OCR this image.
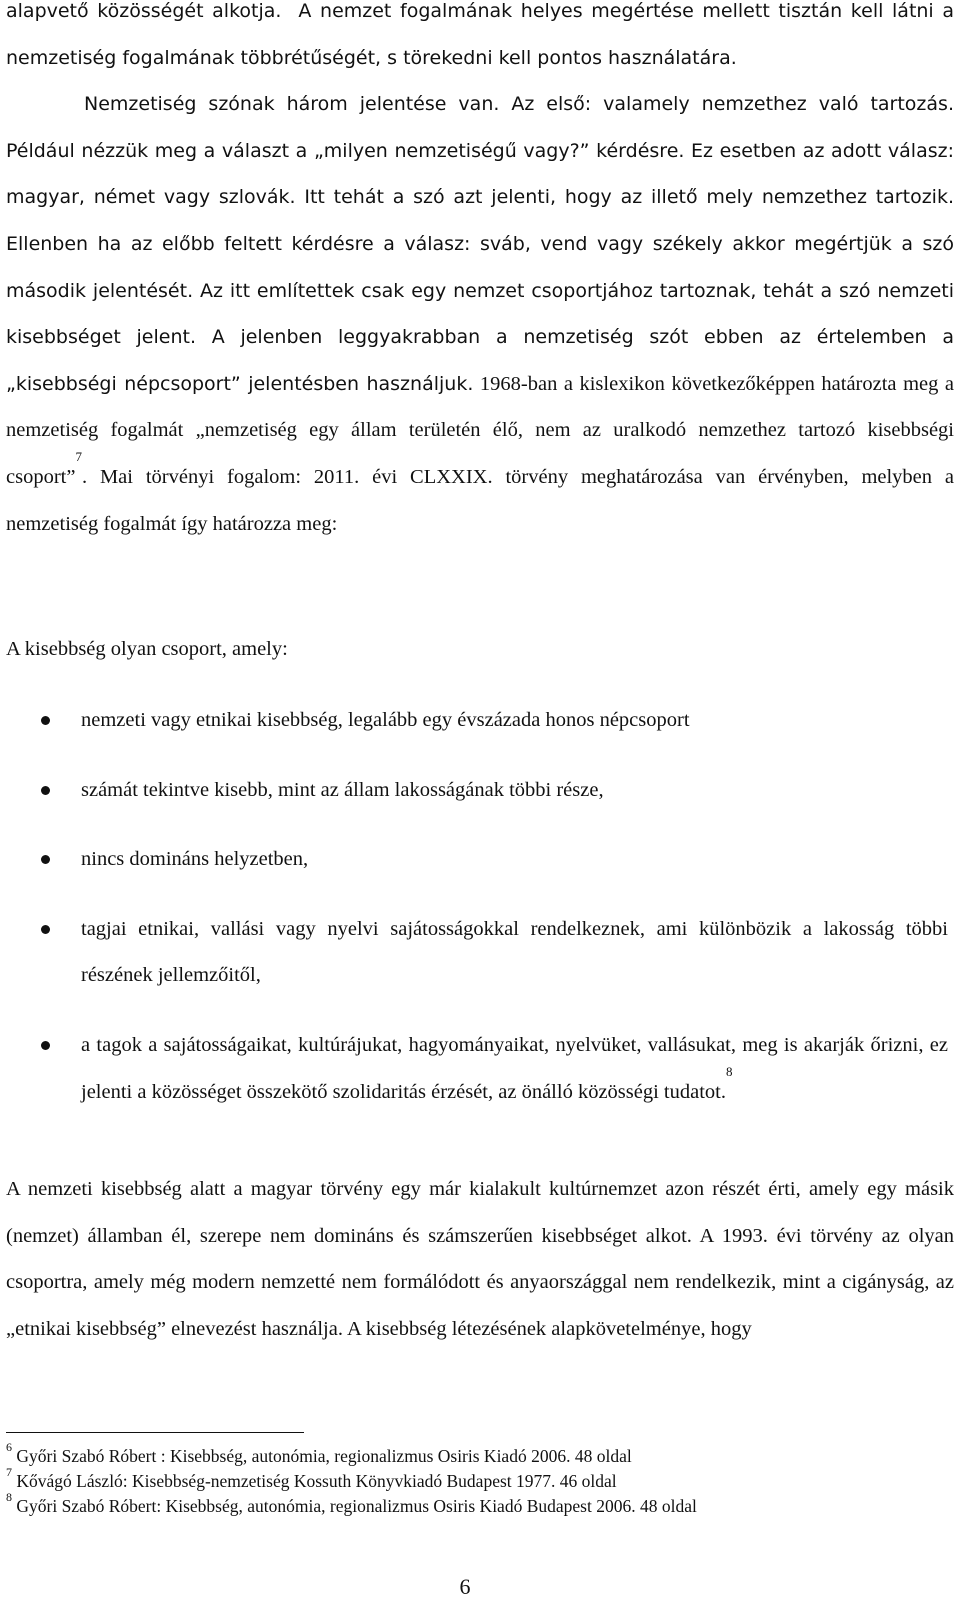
alapvető közösségét alkotja. A nemzet fogalmának helyes megértése mellett tisztán kell látni a nemzetiség fogalmának többrétűségét, s törekedni kell pontos használatára.

Nemzetiség szónak három jelentése van. Az első: valamely nemzethez való tartozás. Például nézzük meg a választ a „milyen nemzetiségű vagy?” kérdésre. Ez esetben az adott válasz: magyar, német vagy szlovák. Itt tehát a szó azt jelenti, hogy az illető mely nemzethez tartozik. Ellenben ha az előbb feltett kérdésre a válasz: sváb, vend vagy székely akkor megértjük a szó második jelentését. Az itt említettek csak egy nemzet csoportjához tartoznak, tehát a szó nemzeti kisebbséget jelent. A jelenben leggyakrabban a nemzetiség szót ebben az értelemben a „kisebbségi népcsoport” jelentésben használjuk. 1968-ban a kislexikon következőképpen határozta meg a nemzetiség fogalmát „nemzetiség egy állam területén élő, nem az uralkodó nemzethez tartozó kisebbségi csoport”$^7$. Mai törvényi fogalom: 2011. évi CLXXIX. törvény meghatározása van érvényben, melyben a nemzetiség fogalmát így határozza meg:

A kisebbség olyan csoport, amely:

nemzeti vagy etnikai kisebbség, legalább egy évszázada honos népcsoport
számát tekintve kisebb, mint az állam lakosságának többi része,
nincs domináns helyzetben,
tagjai etnikai, vallási vagy nyelvi sajátosságokkal rendelkeznek, ami különbözik a lakosság többi részének jellemzőitől,
a tagok a sajátosságaikat, kultúrájukat, hagyományaikat, nyelvüket, vallásukat, meg is akarják őrizni, ez jelenti a közösséget összekötő szolidaritás érzését, az önálló közösségi tudatot.$^8$

A nemzeti kisebbség alatt a magyar törvény egy már kialakult kultúrnemzet azon részét érti, amely egy másik (nemzet) államban él, szerepe nem domináns és számszerűen kisebbséget alkot. A 1993. évi törvény az olyan csoportra, amely még modern nemzetté nem formálódott és anyaországgal nem rendelkezik, mint a cigányság, az „etnikai kisebbség” elnevezést használja. A kisebbség létezésének alapkövetelménye, hogy

$^6$ Győri Szabó Róbert : Kisebbség, autonómia, regionalizmus Osiris Kiadó 2006. 48 oldal
$^7$ Kővágó László: Kisebbség-nemzetiség Kossuth Könyvkiadó Budapest 1977. 46 oldal
$^8$ Győri Szabó Róbert: Kisebbség, autonómia, regionalizmus Osiris Kiadó Budapest 2006. 48 oldal
6
